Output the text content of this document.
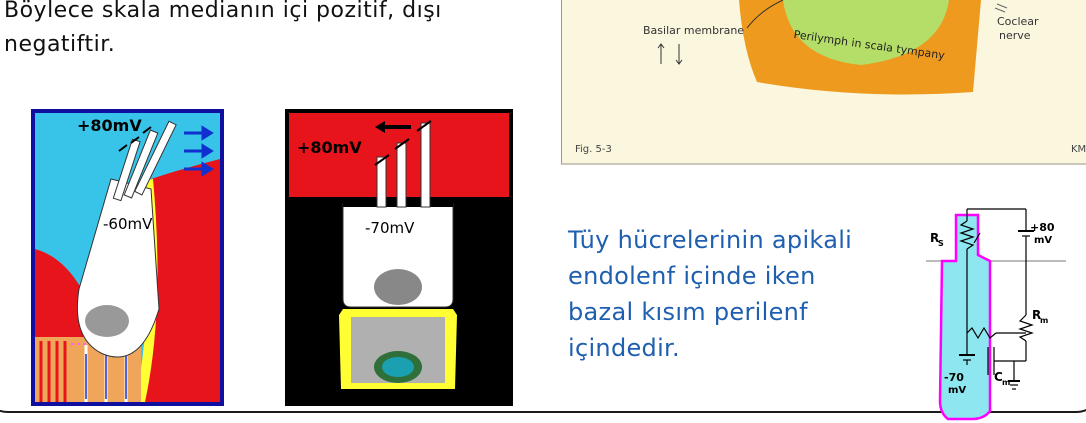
Böylece skala medianın içi pozitif, dışı
negatiftir.
+80mV
-60mV
+80mV
-70mV
Basilar membrane	Perilymph in scala tympany
Coclear
nerve
Fig. 5-3	KM
Tüy hücrelerinin apikali
endolenf içinde iken
bazal kısım perilenf
içindedir.
R
S
+80
mV
R
m
-70
mV
C m
